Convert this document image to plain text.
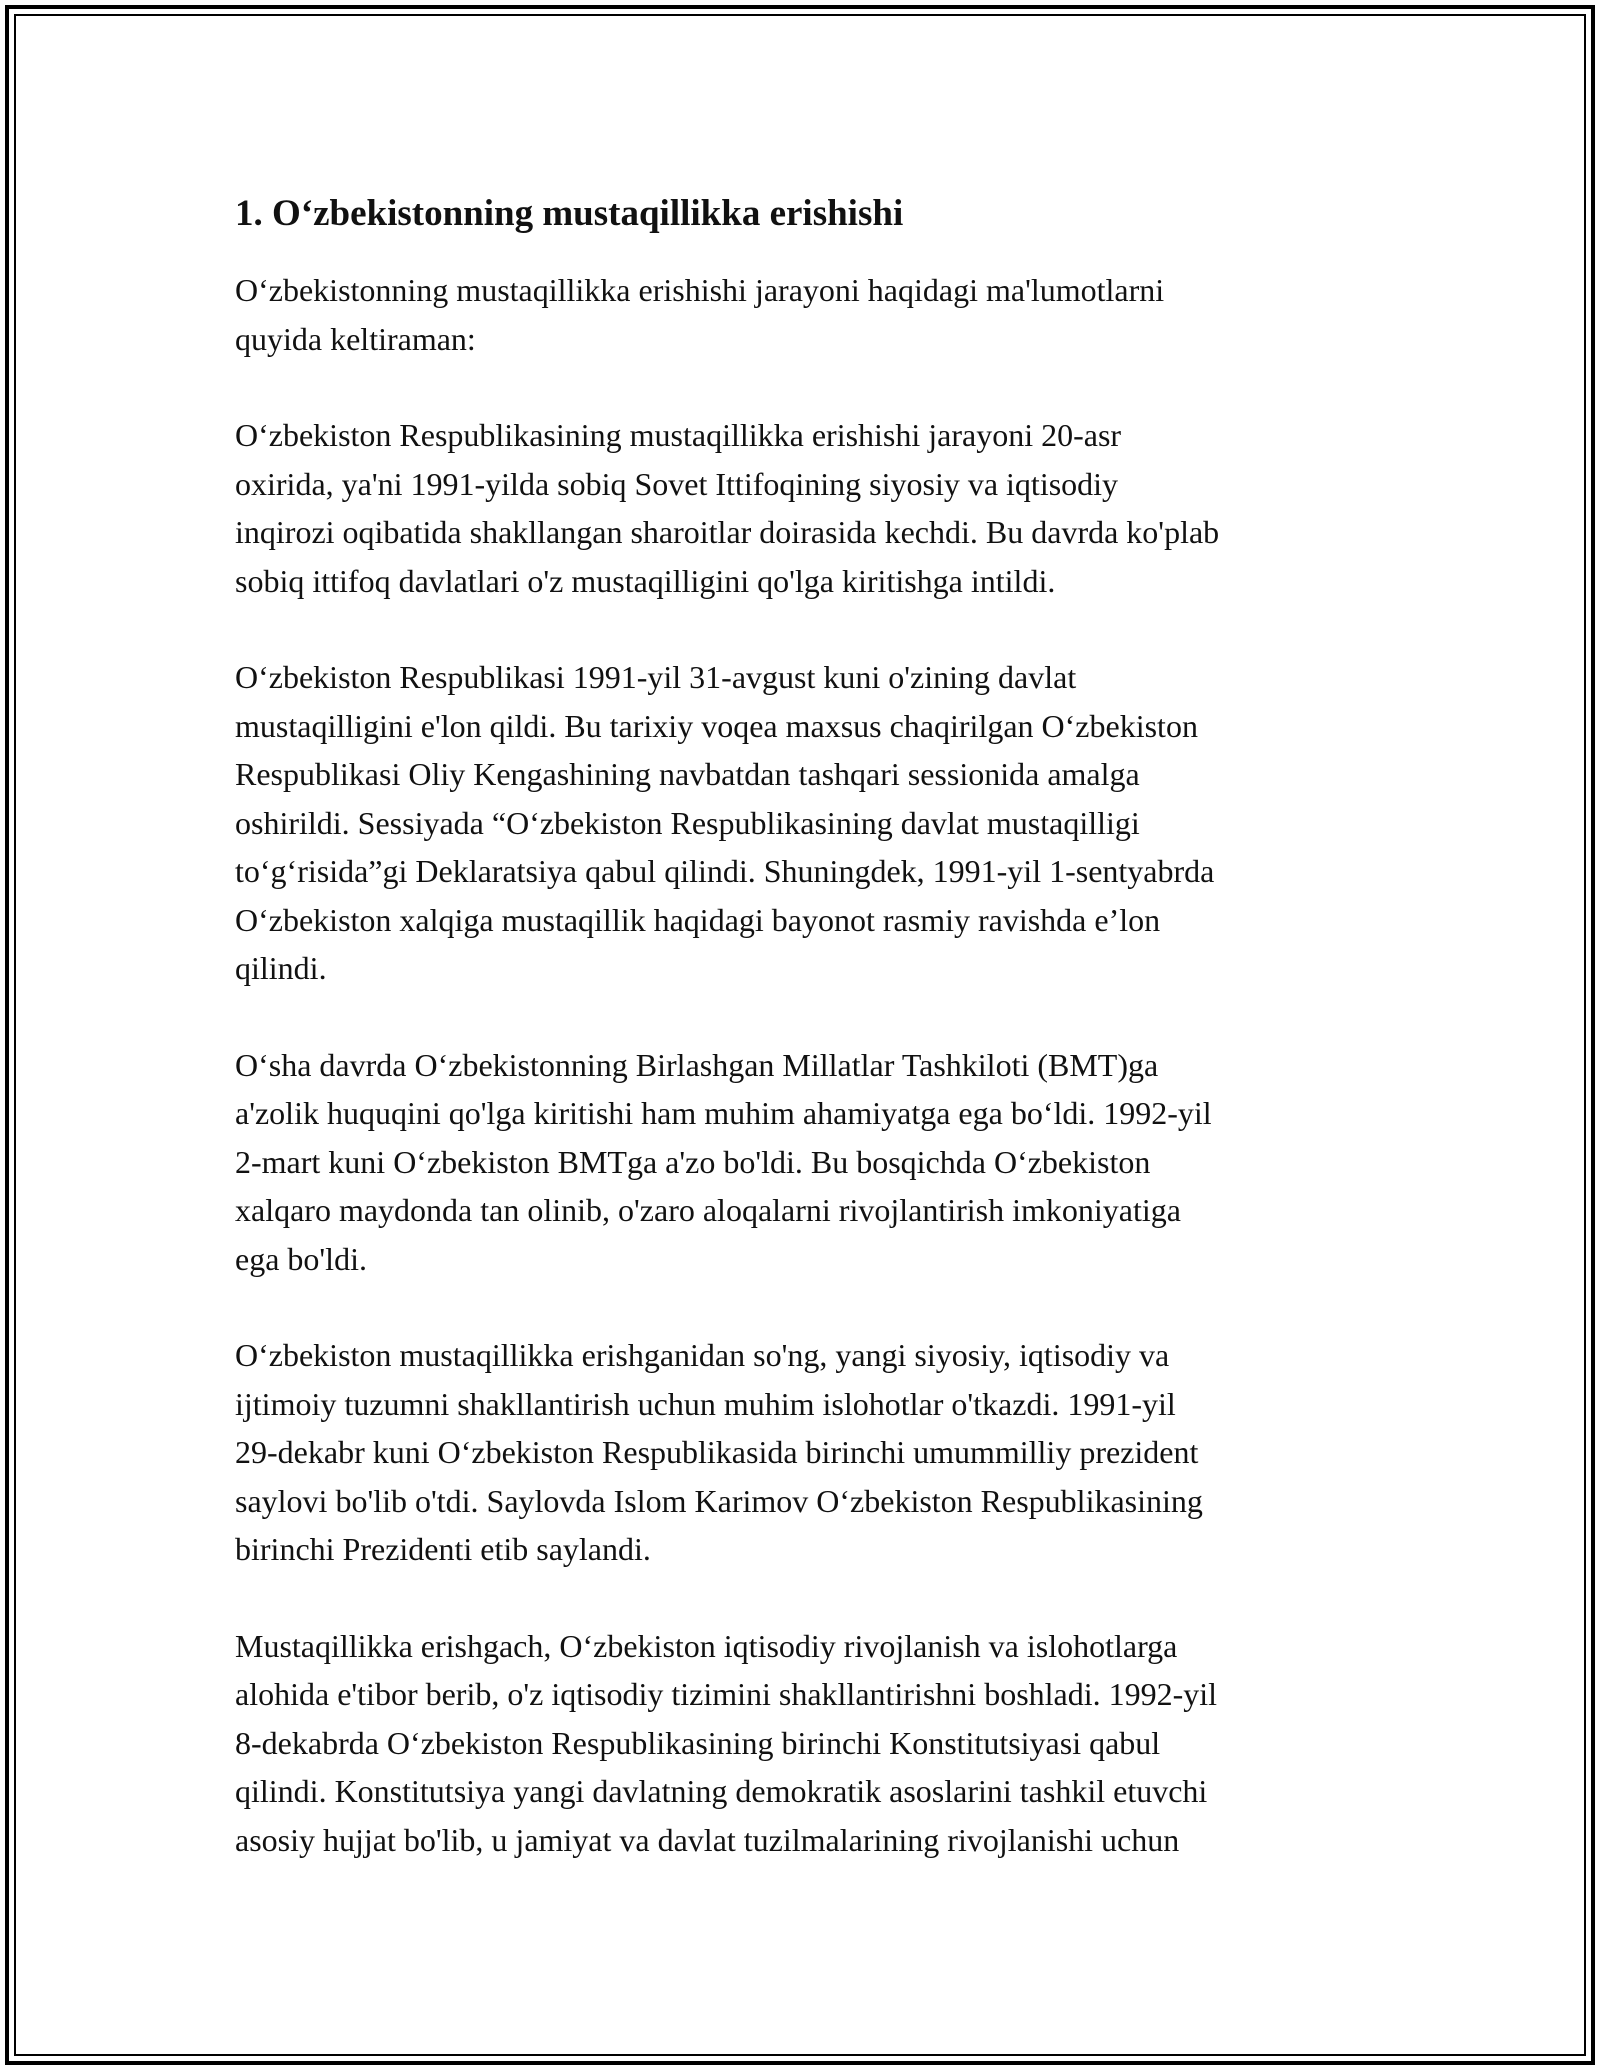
1. O‘zbekistonning mustaqillikka erishishi

O‘zbekistonning mustaqillikka erishishi jarayoni haqidagi ma'lumotlarni
quyida keltiraman:

O‘zbekiston Respublikasining mustaqillikka erishishi jarayoni 20-asr
oxirida, ya'ni 1991-yilda sobiq Sovet Ittifoqining siyosiy va iqtisodiy
inqirozi oqibatida shakllangan sharoitlar doirasida kechdi. Bu davrda ko'plab
sobiq ittifoq davlatlari o'z mustaqilligini qo'lga kiritishga intildi.

O‘zbekiston Respublikasi 1991-yil 31-avgust kuni o'zining davlat
mustaqilligini e'lon qildi. Bu tarixiy voqea maxsus chaqirilgan O‘zbekiston
Respublikasi Oliy Kengashining navbatdan tashqari sessionida amalga
oshirildi. Sessiyada “O‘zbekiston Respublikasining davlat mustaqilligi
to‘g‘risida”gi Deklaratsiya qabul qilindi. Shuningdek, 1991-yil 1-sentyabrda
O‘zbekiston xalqiga mustaqillik haqidagi bayonot rasmiy ravishda e’lon
qilindi.

O‘sha davrda O‘zbekistonning Birlashgan Millatlar Tashkiloti (BMT)ga
a'zolik huquqini qo'lga kiritishi ham muhim ahamiyatga ega bo‘ldi. 1992-yil
2-mart kuni O‘zbekiston BMTga a'zo bo'ldi. Bu bosqichda O‘zbekiston
xalqaro maydonda tan olinib, o'zaro aloqalarni rivojlantirish imkoniyatiga
ega bo'ldi.

O‘zbekiston mustaqillikka erishganidan so'ng, yangi siyosiy, iqtisodiy va
ijtimoiy tuzumni shakllantirish uchun muhim islohotlar o'tkazdi. 1991-yil
29-dekabr kuni O‘zbekiston Respublikasida birinchi umummilliy prezident
saylovi bo'lib o'tdi. Saylovda Islom Karimov O‘zbekiston Respublikasining
birinchi Prezidenti etib saylandi.

Mustaqillikka erishgach, O‘zbekiston iqtisodiy rivojlanish va islohotlarga
alohida e'tibor berib, o'z iqtisodiy tizimini shakllantirishni boshladi. 1992-yil
8-dekabrda O‘zbekiston Respublikasining birinchi Konstitutsiyasi qabul
qilindi. Konstitutsiya yangi davlatning demokratik asoslarini tashkil etuvchi
asosiy hujjat bo'lib, u jamiyat va davlat tuzilmalarining rivojlanishi uchun
